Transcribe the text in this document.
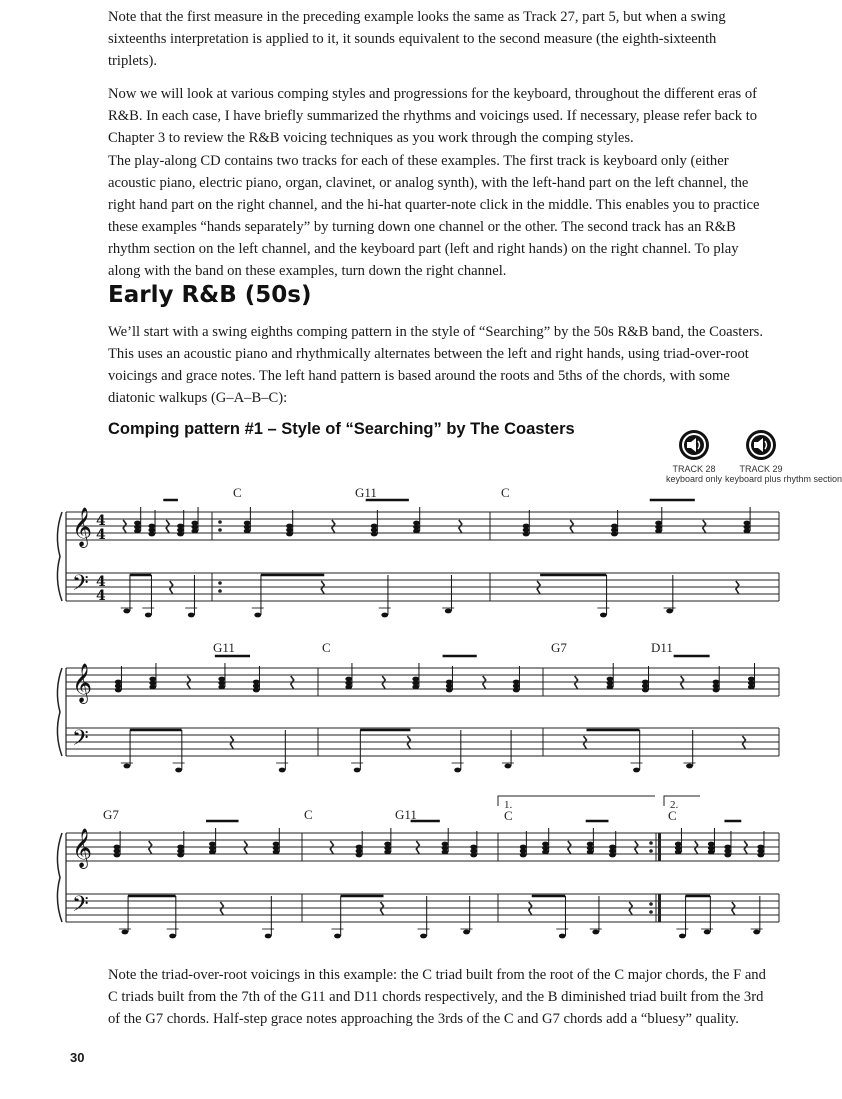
Note that the first measure in the preceding example looks the same as Track 27, part 5, but when a swing sixteenths interpretation is applied to it, it sounds equivalent to the second measure (the eighth-sixteenth triplets).

Now we will look at various comping styles and progressions for the keyboard, throughout the different eras of R&B. In each case, I have briefly summarized the rhythms and voicings used. If necessary, please refer back to Chapter 3 to review the R&B voicing techniques as you work through the comping styles.

The play-along CD contains two tracks for each of these examples. The first track is keyboard only (either acoustic piano, electric piano, organ, clavinet, or analog synth), with the left-hand part on the left channel, the right hand part on the right channel, and the hi-hat quarter-note click in the middle. This enables you to practice these examples “hands separately” by turning down one channel or the other. The second track has an R&B rhythm section on the left channel, and the keyboard part (left and right hands) on the right channel. To play along with the band on these examples, turn down the right channel.

Early R&B (50s)

We’ll start with a swing eighths comping pattern in the style of “Searching” by the 50s R&B band, the Coasters. This uses an acoustic piano and rhythmically alternates between the left and right hands, using triad-over-root voicings and grace notes. The left hand pattern is based around the roots and 5ths of the chords, with some diatonic walkups (G–A–B–C):

Comping pattern #1 – Style of “Searching” by The Coasters
TRACK 28
keyboard only
TRACK 29
keyboard plus rhythm section
C	G11	C
G11	C	G7	D11
G7	C	G11	C	C
1.	2.
𝄞
𝄢
4
4
4
4
𝄞
𝄢
𝄞
𝄢

Note the triad-over-root voicings in this example: the C triad built from the root of the C major chords, the F and C triads built from the 7th of the G11 and D11 chords respectively, and the B diminished triad built from the 3rd of the G7 chords. Half-step grace notes approaching the 3rds of the C and G7 chords add a “bluesy” quality.

30
